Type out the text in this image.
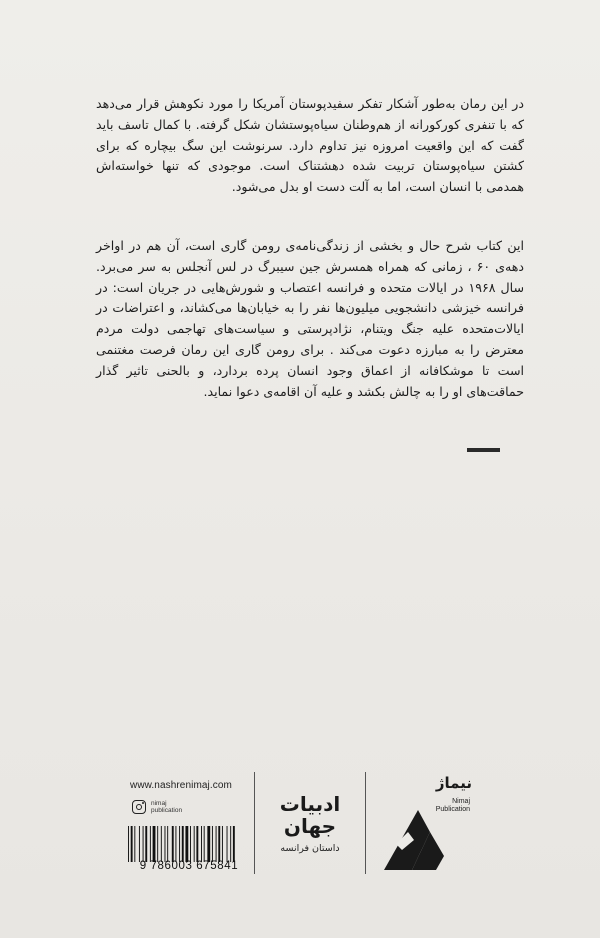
در این رمان به‌طور آشکار تفکر سفیدپوستان آمریکا را مورد نکوهش قرار می‌دهد که با تنفری کورکورانه از هم‌وطنان سیاه‌پوستشان شکل گرفته. با کمال تاسف باید گفت که این واقعیت امروزه نیز تداوم دارد. سرنوشت این سگ بیچاره که برای کشتن سیاه‌پوستان تربیت شده دهشتناک است. موجودی که تنها خواسته‌اش همدمی با انسان است، اما به آلت دست او بدل می‌شود.

این کتاب شرح حال و بخشی از زندگی‌نامه‌ی رومن گاری است، آن هم در اواخر دهه‌ی ۶۰ ، زمانی که همراه همسرش جین سیبرگ در لس آنجلس به سر می‌برد. سال ۱۹۶۸ در ایالات متحده و فرانسه اعتصاب و شورش‌هایی در جریان است: در فرانسه خیزشی دانشجویی میلیون‌ها نفر را به خیابان‌ها می‌کشاند، و اعتراضات در ایالات‌متحده علیه جنگ ویتنام، نژادپرستی و سیاست‌های تهاجمی دولت مردم معترض را به مبارزه دعوت می‌کند . برای رومن گاری این رمان فرصت مغتنمی است تا موشکافانه از اعماق وجود انسان پرده بردارد، و بالحنی تاثیر گذار حماقت‌های او را به چالش بکشد و علیه آن اقامه‌ی دعوا نماید.

www.nashrenimaj.com
nimaj
publication
9 786003 675841
ادبیات
جهان
داستان فرانسه
نیماژ
Nimaj
Publication
